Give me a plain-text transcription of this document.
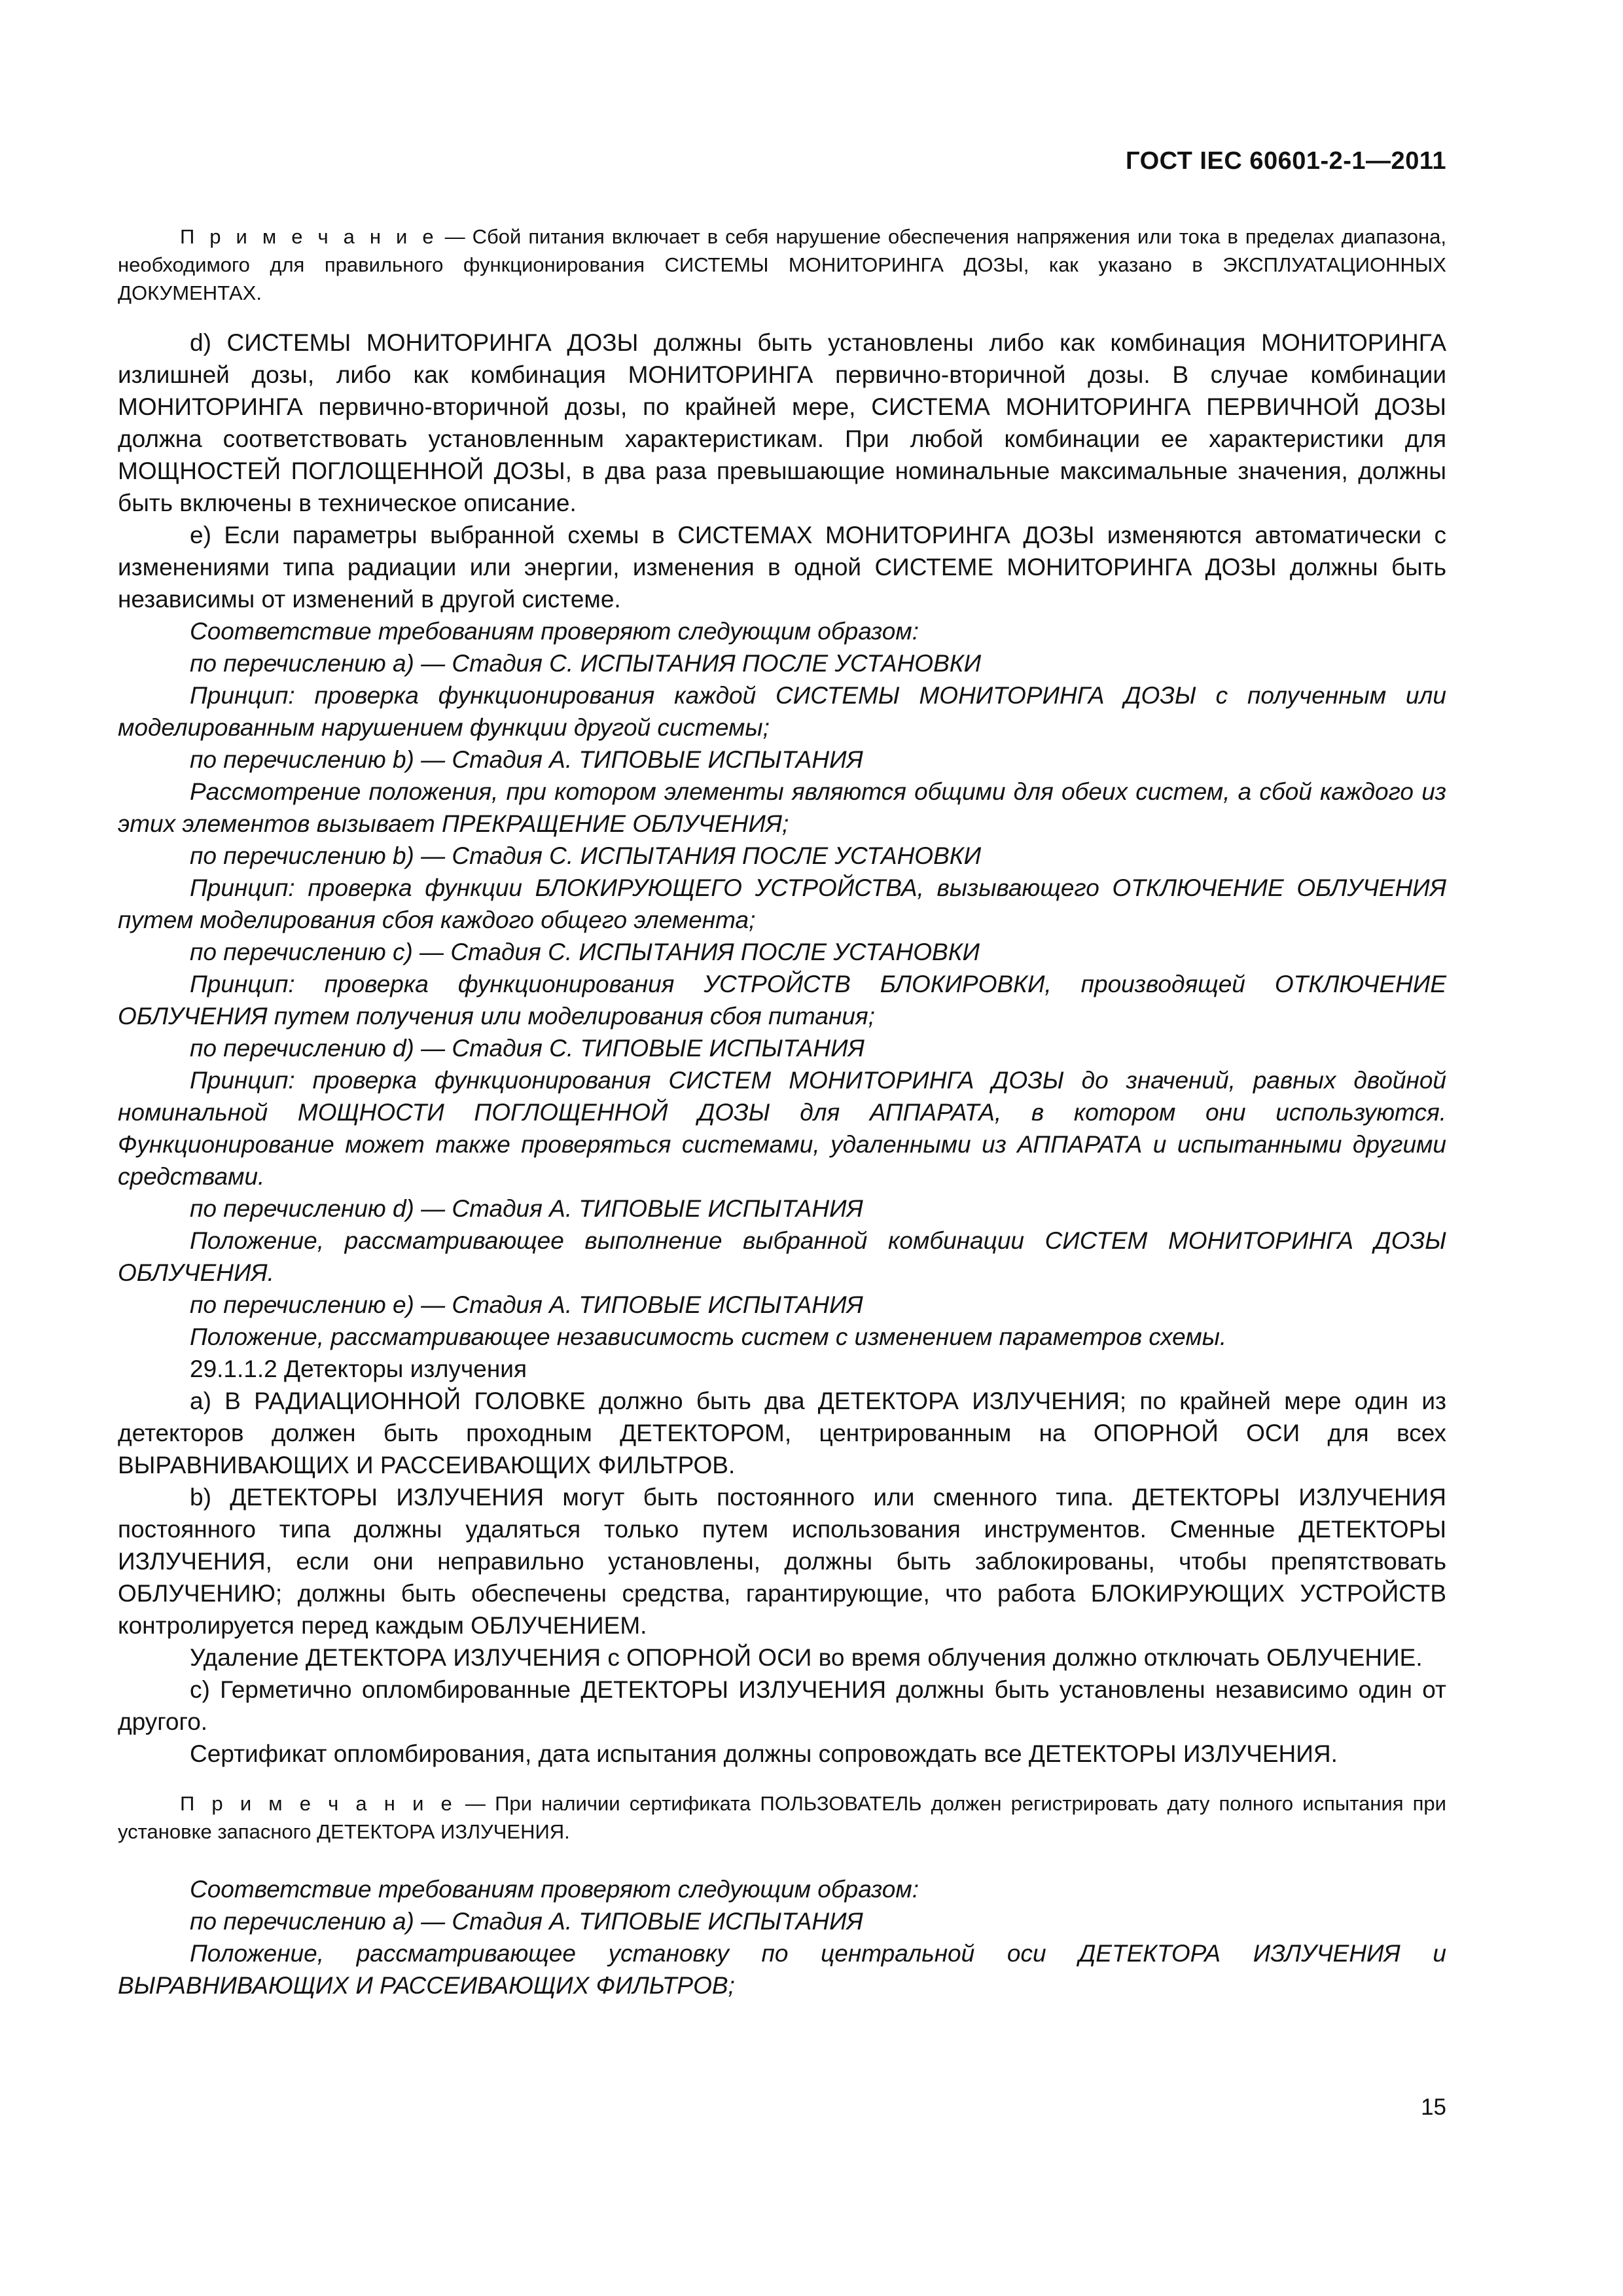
ГОСТ IEC 60601-2-1—2011

П р и м е ч а н и е — Сбой питания включает в себя нарушение обеспечения напряжения или тока в пределах диапазона, необходимого для правильного функционирования СИСТЕМЫ МОНИТОРИНГА ДОЗЫ, как указано в ЭКСПЛУАТАЦИОННЫХ ДОКУМЕНТАХ.

d) СИСТЕМЫ МОНИТОРИНГА ДОЗЫ должны быть установлены либо как комбинация МОНИТОРИНГА излишней дозы, либо как комбинация МОНИТОРИНГА первично-вторичной дозы. В случае комбинации МОНИТОРИНГА первично-вторичной дозы, по крайней мере, СИСТЕМА МОНИТОРИНГА ПЕРВИЧНОЙ ДОЗЫ должна соответствовать установленным характеристикам. При любой комбинации ее характеристики для МОЩНОСТЕЙ ПОГЛОЩЕННОЙ ДОЗЫ, в два раза превышающие номинальные максимальные значения, должны быть включены в техническое описание.

e) Если параметры выбранной схемы в СИСТЕМАХ МОНИТОРИНГА ДОЗЫ изменяются автоматически с изменениями типа радиации или энергии, изменения в одной СИСТЕМЕ МОНИТОРИНГА ДОЗЫ должны быть независимы от изменений в другой системе.

Соответствие требованиям проверяют следующим образом:

по перечислению а) — Стадия С. ИСПЫТАНИЯ ПОСЛЕ УСТАНОВКИ

Принцип: проверка функционирования каждой СИСТЕМЫ МОНИТОРИНГА ДОЗЫ с полученным или моделированным нарушением функции другой системы;

по перечислению b) — Стадия А. ТИПОВЫЕ ИСПЫТАНИЯ

Рассмотрение положения, при котором элементы являются общими для обеих систем, а сбой каждого из этих элементов вызывает ПРЕКРАЩЕНИЕ ОБЛУЧЕНИЯ;

по перечислению b) — Стадия С. ИСПЫТАНИЯ ПОСЛЕ УСТАНОВКИ

Принцип: проверка функции БЛОКИРУЮЩЕГО УСТРОЙСТВА, вызывающего ОТКЛЮЧЕНИЕ ОБЛУЧЕНИЯ путем моделирования сбоя каждого общего элемента;

по перечислению с) — Стадия С. ИСПЫТАНИЯ ПОСЛЕ УСТАНОВКИ

Принцип: проверка функционирования УСТРОЙСТВ БЛОКИРОВКИ, производящей ОТКЛЮЧЕНИЕ ОБЛУЧЕНИЯ путем получения или моделирования сбоя питания;

по перечислению d) — Стадия С. ТИПОВЫЕ ИСПЫТАНИЯ

Принцип: проверка функционирования СИСТЕМ МОНИТОРИНГА ДОЗЫ до значений, равных двойной номинальной МОЩНОСТИ ПОГЛОЩЕННОЙ ДОЗЫ для АППАРАТА, в котором они используются. Функционирование может также проверяться системами, удаленными из АППАРАТА и испытанными другими средствами.

по перечислению d) — Стадия А. ТИПОВЫЕ ИСПЫТАНИЯ

Положение, рассматривающее выполнение выбранной комбинации СИСТЕМ МОНИТОРИНГА ДОЗЫ ОБЛУЧЕНИЯ.

по перечислению е) — Стадия А. ТИПОВЫЕ ИСПЫТАНИЯ

Положение, рассматривающее независимость систем с изменением параметров схемы.

29.1.1.2 Детекторы излучения

a) В РАДИАЦИОННОЙ ГОЛОВКЕ должно быть два ДЕТЕКТОРА ИЗЛУЧЕНИЯ; по крайней мере один из детекторов должен быть проходным ДЕТЕКТОРОМ, центрированным на ОПОРНОЙ ОСИ для всех ВЫРАВНИВАЮЩИХ И РАССЕИВАЮЩИХ ФИЛЬТРОВ.

b) ДЕТЕКТОРЫ ИЗЛУЧЕНИЯ могут быть постоянного или сменного типа. ДЕТЕКТОРЫ ИЗЛУЧЕНИЯ постоянного типа должны удаляться только путем использования инструментов. Сменные ДЕТЕКТОРЫ ИЗЛУЧЕНИЯ, если они неправильно установлены, должны быть заблокированы, чтобы препятствовать ОБЛУЧЕНИЮ; должны быть обеспечены средства, гарантирующие, что работа БЛОКИРУЮЩИХ УСТРОЙСТВ контролируется перед каждым ОБЛУЧЕНИЕМ.

Удаление ДЕТЕКТОРА ИЗЛУЧЕНИЯ с ОПОРНОЙ ОСИ во время облучения должно отключать ОБЛУЧЕНИЕ.

c) Герметично опломбированные ДЕТЕКТОРЫ ИЗЛУЧЕНИЯ должны быть установлены независимо один от другого.

Сертификат опломбирования, дата испытания должны сопровождать все ДЕТЕКТОРЫ ИЗЛУЧЕНИЯ.

П р и м е ч а н и е — При наличии сертификата ПОЛЬЗОВАТЕЛЬ должен регистрировать дату полного испытания при установке запасного ДЕТЕКТОРА ИЗЛУЧЕНИЯ.

Соответствие требованиям проверяют следующим образом:

по перечислению а) — Стадия А. ТИПОВЫЕ ИСПЫТАНИЯ

Положение, рассматривающее установку по центральной оси ДЕТЕКТОРА ИЗЛУЧЕНИЯ и ВЫРАВНИВАЮЩИХ И РАССЕИВАЮЩИХ ФИЛЬТРОВ;

15
